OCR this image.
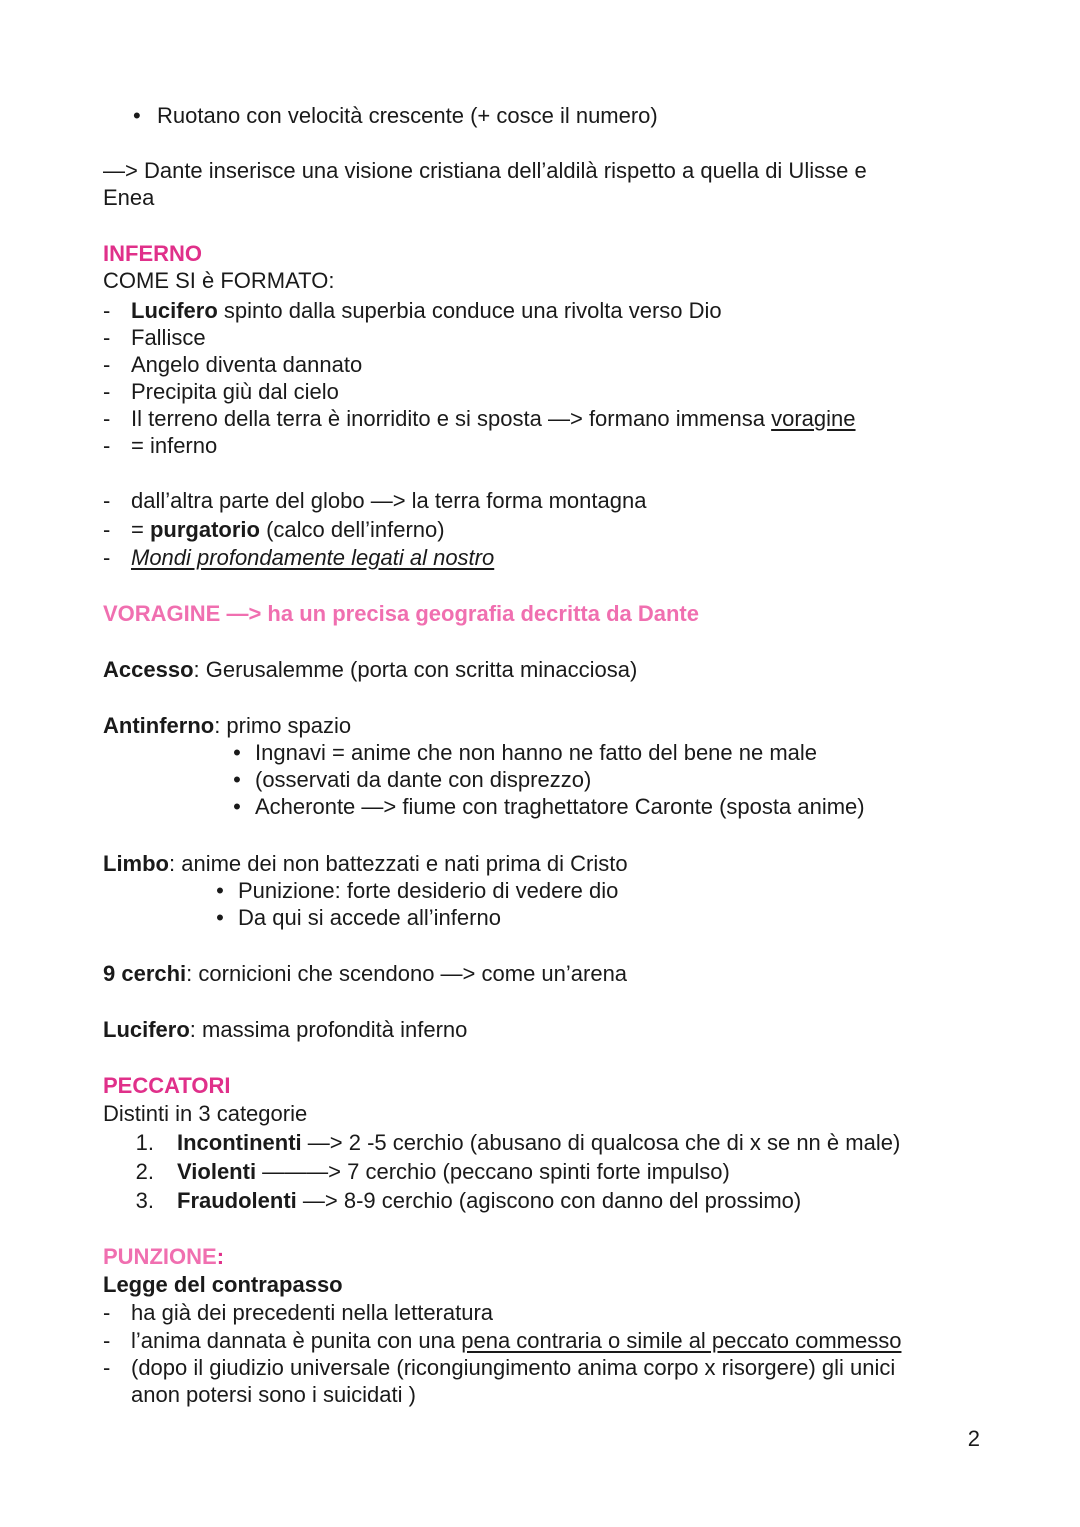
• Ruotano con velocità crescente (+ cosce il numero)
—> Dante inserisce una visione cristiana dell’aldilà rispetto a quella di Ulisse e
Enea
INFERNO
COME SI è FORMATO:
- Lucifero spinto dalla superbia conduce una rivolta verso Dio
- Fallisce
- Angelo diventa dannato
- Precipita giù dal cielo
- Il terreno della terra è inorridito e si sposta —> formano immensa voragine
- = inferno
- dall’altra parte del globo —> la terra forma montagna
- = purgatorio (calco dell’inferno)
- Mondi profondamente legati al nostro
VORAGINE —> ha un precisa geografia decritta da Dante
Accesso: Gerusalemme (porta con scritta minacciosa)
Antinferno: primo spazio
• Ingnavi = anime che non hanno ne fatto del bene ne male
• (osservati da dante con disprezzo)
• Acheronte —> fiume con traghettatore Caronte (sposta anime)
Limbo: anime dei non battezzati e nati prima di Cristo
• Punizione: forte desiderio di vedere dio
• Da qui si accede all’inferno
9 cerchi: cornicioni che scendono —> come un’arena
Lucifero: massima profondità inferno
PECCATORI
Distinti in 3 categorie
1. Incontinenti —> 2 -5 cerchio (abusano di qualcosa che di x se nn è male)
2. Violenti ———> 7 cerchio (peccano spinti forte impulso)
3. Fraudolenti —> 8-9 cerchio (agiscono con danno del prossimo)
PUNZIONE:
Legge del contrapasso
- ha già dei precedenti nella letteratura
- l’anima dannata è punita con una pena contraria o simile al peccato commesso
- (dopo il giudizio universale (ricongiungimento anima corpo x risorgere) gli unici
anon potersi sono i suicidati )
2
